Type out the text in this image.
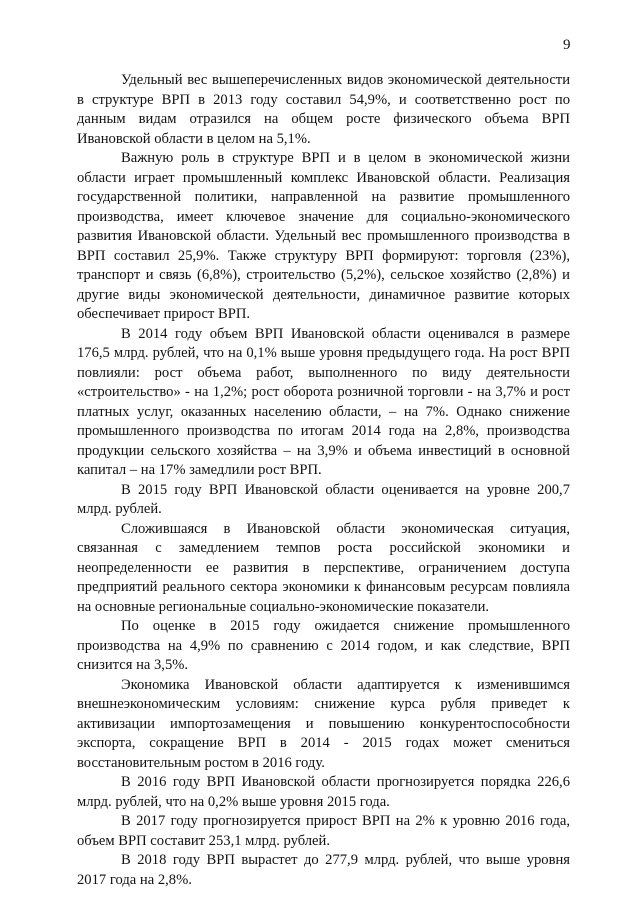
9

Удельный вес вышеперечисленных видов экономической деятельности в структуре ВРП в 2013 году составил 54,9%, и соответственно рост по данным видам отразился на общем росте физического объема ВРП Ивановской области в целом на 5,1%.

Важную роль в структуре ВРП и в целом в экономической жизни области играет промышленный комплекс Ивановской области. Реализация государственной политики, направленной на развитие промышленного производства, имеет ключевое значение для социально-экономического развития Ивановской области. Удельный вес промышленного производства в ВРП составил 25,9%. Также структуру ВРП формируют: торговля (23%), транспорт и связь (6,8%), строительство (5,2%), сельское хозяйство (2,8%) и другие виды экономической деятельности, динамичное развитие которых обеспечивает прирост ВРП.

В 2014 году объем ВРП Ивановской области оценивался в размере 176,5 млрд. рублей, что на 0,1% выше уровня предыдущего года. На рост ВРП повлияли: рост объема работ, выполненного по виду деятельности «строительство» - на 1,2%; рост оборота розничной торговли - на 3,7% и рост платных услуг, оказанных населению области, – на 7%. Однако снижение промышленного производства по итогам 2014 года на 2,8%, производства продукции сельского хозяйства – на 3,9% и объема инвестиций в основной капитал – на 17% замедлили рост ВРП.

В 2015 году ВРП Ивановской области оценивается на уровне 200,7 млрд. рублей.

Сложившаяся в Ивановской области экономическая ситуация, связанная с замедлением темпов роста российской экономики и неопределенности ее развития в перспективе, ограничением доступа предприятий реального сектора экономики к финансовым ресурсам повлияла на основные региональные социально-экономические показатели.

По оценке в 2015 году ожидается снижение промышленного производства на 4,9% по сравнению с 2014 годом, и как следствие, ВРП снизится на 3,5%.

Экономика Ивановской области адаптируется к изменившимся внешнеэкономическим условиям: снижение курса рубля приведет к активизации импортозамещения и повышению конкурентоспособности экспорта, сокращение ВРП в 2014 - 2015 годах может смениться восстановительным ростом в 2016 году.

В 2016 году ВРП Ивановской области прогнозируется порядка 226,6 млрд. рублей, что на 0,2% выше уровня 2015 года.

В 2017 году прогнозируется прирост ВРП на 2% к уровню 2016 года, объем ВРП составит 253,1 млрд. рублей.

В 2018 году ВРП вырастет до 277,9 млрд. рублей, что выше уровня 2017 года на 2,8%.
